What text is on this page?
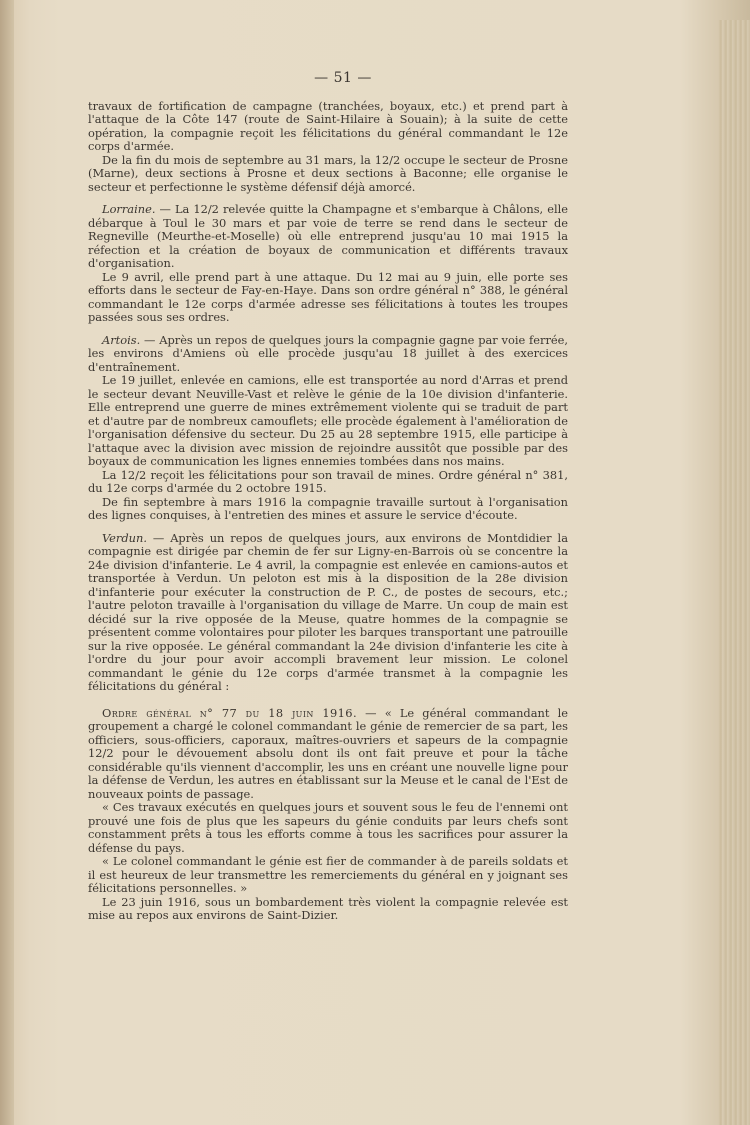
— 51 —

travaux de fortification de campagne (tranchées, boyaux, etc.) et prend part à l'attaque de la Côte 147 (route de Saint-Hilaire à Souain); à la suite de cette opération, la compagnie reçoit les félicitations du général commandant le 12e corps d'armée.

De la fin du mois de septembre au 31 mars, la 12/2 occupe le secteur de Prosne (Marne), deux sections à Prosne et deux sections à Baconne; elle organise le secteur et perfectionne le système défensif déjà amorcé.

Lorraine. — La 12/2 relevée quitte la Champagne et s'embarque à Châlons, elle débarque à Toul le 30 mars et par voie de terre se rend dans le secteur de Regneville (Meurthe-et-Moselle) où elle entreprend jusqu'au 10 mai 1915 la réfection et la création de boyaux de communication et différents travaux d'organisation.

Le 9 avril, elle prend part à une attaque. Du 12 mai au 9 juin, elle porte ses efforts dans le secteur de Fay-en-Haye. Dans son ordre général n° 388, le général commandant le 12e corps d'armée adresse ses félicitations à toutes les troupes passées sous ses ordres.

Artois. — Après un repos de quelques jours la compagnie gagne par voie ferrée, les environs d'Amiens où elle procède jusqu'au 18 juillet à des exercices d'entraînement.

Le 19 juillet, enlevée en camions, elle est transportée au nord d'Arras et prend le secteur devant Neuville-Vast et relève le génie de la 10e division d'infanterie. Elle entreprend une guerre de mines extrêmement violente qui se traduit de part et d'autre par de nombreux camouflets; elle procède également à l'amélioration de l'organisation défensive du secteur. Du 25 au 28 septembre 1915, elle participe à l'attaque avec la division avec mission de rejoindre aussitôt que possible par des boyaux de communication les lignes ennemies tombées dans nos mains.

La 12/2 reçoit les félicitations pour son travail de mines. Ordre général n° 381, du 12e corps d'armée du 2 octobre 1915.

De fin septembre à mars 1916 la compagnie travaille surtout à l'organisation des lignes conquises, à l'entretien des mines et assure le service d'écoute.

Verdun. — Après un repos de quelques jours, aux environs de Montdidier la compagnie est dirigée par chemin de fer sur Ligny-en-Barrois où se concentre la 24e division d'infanterie. Le 4 avril, la compagnie est enlevée en camions-autos et transportée à Verdun. Un peloton est mis à la disposition de la 28e division d'infanterie pour exécuter la construction de P. C., de postes de secours, etc.; l'autre peloton travaille à l'organisation du village de Marre. Un coup de main est décidé sur la rive opposée de la Meuse, quatre hommes de la compagnie se présentent comme volontaires pour piloter les barques transportant une patrouille sur la rive opposée. Le général commandant la 24e division d'infanterie les cite à l'ordre du jour pour avoir accompli bravement leur mission. Le colonel commandant le génie du 12e corps d'armée transmet à la compagnie les félicitations du général :

Ordre général n° 77 du 18 juin 1916. — « Le général commandant le groupement a chargé le colonel commandant le génie de remercier de sa part, les officiers, sous-officiers, caporaux, maîtres-ouvriers et sapeurs de la compagnie 12/2 pour le dévouement absolu dont ils ont fait preuve et pour la tâche considérable qu'ils viennent d'accomplir, les uns en créant une nouvelle ligne pour la défense de Verdun, les autres en établissant sur la Meuse et le canal de l'Est de nouveaux points de passage.

« Ces travaux exécutés en quelques jours et souvent sous le feu de l'ennemi ont prouvé une fois de plus que les sapeurs du génie conduits par leurs chefs sont constamment prêts à tous les efforts comme à tous les sacrifices pour assurer la défense du pays.

« Le colonel commandant le génie est fier de commander à de pareils soldats et il est heureux de leur transmettre les remerciements du général en y joignant ses félicitations personnelles. »

Le 23 juin 1916, sous un bombardement très violent la compagnie relevée est mise au repos aux environs de Saint-Dizier.
